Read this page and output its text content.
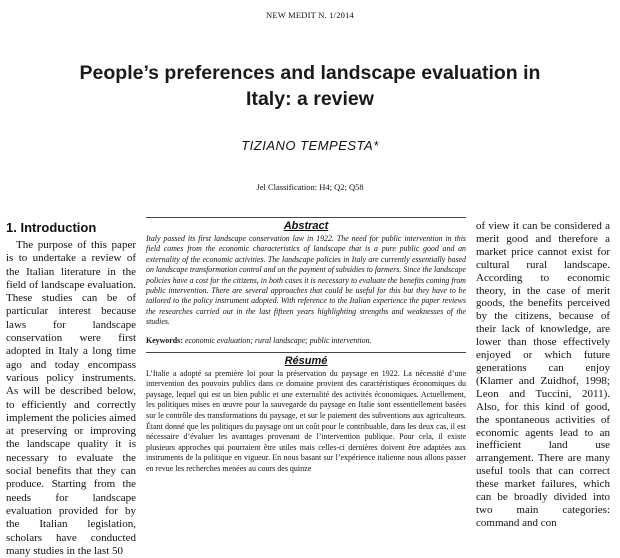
NEW MEDIT N. 1/2014
People’s preferences and landscape evaluation in Italy: a review
TIZIANO TEMPESTA*
Jel Classification: H4; Q2; Q58
1. Introduction

The purpose of this paper is to undertake a review of the Italian literature in the field of landscape evaluation. These studies can be of particular interest because laws for landscape conservation were first adopted in Italy a long time ago and today encompass various policy instruments. As will be described below, to efficiently and correctly implement the policies aimed at preserving or improving the landscape quality it is necessary to evaluate the social benefits that they can produce. Starting from the needs for landscape evaluation provided for by the Italian legislation, scholars have conducted many studies in the last 50

Abstract

Italy passed its first landscape conservation law in 1922. The need for public intervention in this field comes from the economic characteristics of landscape that is a pure public good and an externality of the economic activities. The landscape policies in Italy are currently essentially based on landscape transformation control and on the payment of subsidies to farmers. Since the landscape policies have a cost for the citizens, in both cases it is necessary to evaluate the benefits coming from public intervention. There are several approaches that could be useful for this but they have to be tailored to the policy instrument adopted. With reference to the Italian experience the paper reviews the researches carried out in the last fifteen years highlighting strengths and weaknesses of the studies.

Keywords: economic evaluation; rural landscape; public intervention.
Résumé

L’Italie a adopté sa première loi pour la préservation du paysage en 1922. La nécessité d’une intervention des pouvoirs publics dans ce domaine provient des caractéristiques économiques du paysage, lequel qui est un bien public et une externalité des activités économiques. Actuellement, les politiques mises en œuvre pour la sauvegarde du paysage en Italie sont essentiellement basées sur le contrôle des transformations du paysage, et sur le paiement des subventions aux agriculteurs. Étant donné que les politiques du paysage ont un coût pour le contribuable, dans les deux cas, il est nécessaire d’évaluer les avantages provenant de l’intervention publique. Pour cela, il existe plusieurs approches qui pourraient être utiles mais celles-ci dernières doivent être adaptées aux instruments de la politique en vigueur. En nous basant sur l’expérience italienne nous allons passer en revue les recherches menées au cours des quinze

of view it can be considered a merit good and therefore a market price cannot exist for cultural rural landscape. According to economic theory, in the case of merit goods, the benefits perceived by the citizens, because of their lack of knowledge, are lower than those effectively enjoyed or which future generations can enjoy (Klamer and Zuidhof, 1998; Leon and Tuccini, 2011). Also, for this kind of good, the spontaneous activities of economic agents lead to an inefficient land use arrangement. There are many useful tools that can correct these market failures, which can be broadly divided into two main categories: command and con
